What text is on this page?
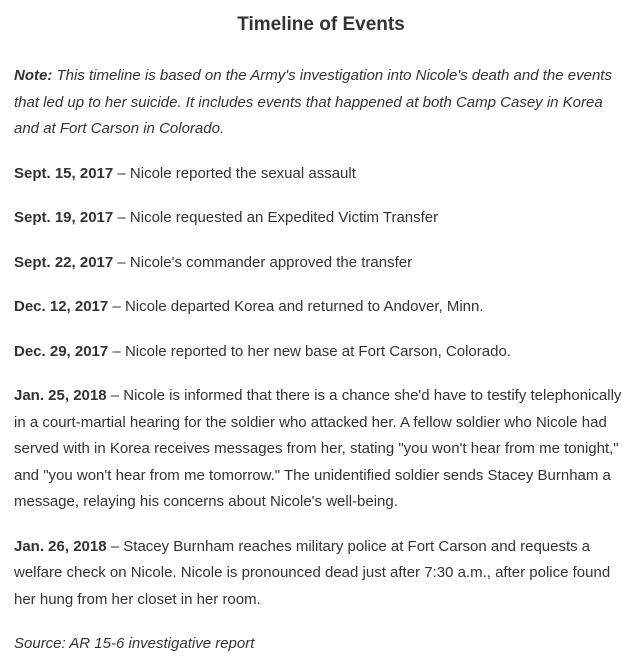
Timeline of Events

Note: This timeline is based on the Army's investigation into Nicole's death and the events that led up to her suicide. It includes events that happened at both Camp Casey in Korea and at Fort Carson in Colorado.

Sept. 15, 2017 – Nicole reported the sexual assault

Sept. 19, 2017 – Nicole requested an Expedited Victim Transfer

Sept. 22, 2017 – Nicole's commander approved the transfer

Dec. 12, 2017 – Nicole departed Korea and returned to Andover, Minn.

Dec. 29, 2017 – Nicole reported to her new base at Fort Carson, Colorado.

Jan. 25, 2018 – Nicole is informed that there is a chance she'd have to testify telephonically in a court-martial hearing for the soldier who attacked her. A fellow soldier who Nicole had served with in Korea receives messages from her, stating "you won't hear from me tonight," and "you won't hear from me tomorrow." The unidentified soldier sends Stacey Burnham a message, relaying his concerns about Nicole's well-being.

Jan. 26, 2018 – Stacey Burnham reaches military police at Fort Carson and requests a welfare check on Nicole. Nicole is pronounced dead just after 7:30 a.m., after police found her hung from her closet in her room.

Source: AR 15-6 investigative report
